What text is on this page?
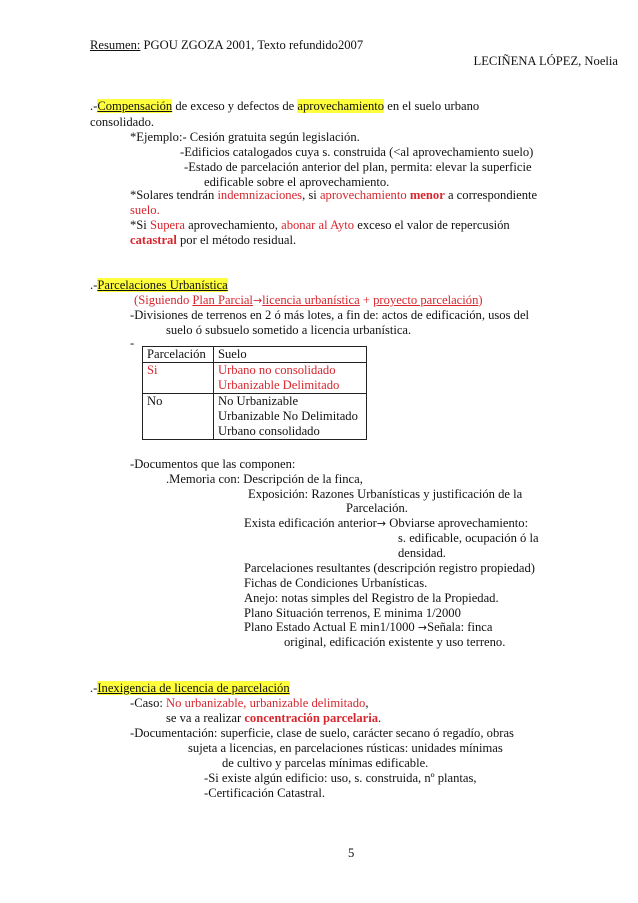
Resumen: PGOU ZGOZA 2001, Texto refundido2007
LECIÑENA LÓPEZ, Noelia
.-Compensación de exceso y defectos de aprovechamiento en el suelo urbano
consolidado.
*Ejemplo:- Cesión gratuita según legislación.
-Edificios catalogados cuya s. construida (<al aprovechamiento suelo)
-Estado de parcelación anterior del plan, permita: elevar la superficie
edificable sobre el aprovechamiento.
*Solares tendrán indemnizaciones, si aprovechamiento menor a correspondiente
suelo.
*Si Supera aprovechamiento, abonar al Ayto exceso el valor de repercusión
catastral por el método residual.
.-Parcelaciones Urbanística
(Siguiendo Plan Parcial→licencia urbanística + proyecto parcelación)
-Divisiones de terrenos en 2 ó más lotes, a fin de: actos de edificación, usos del
suelo ó subsuelo sometido a licencia urbanística.
-
Parcelación	Suelo
Si	Urbano no consolidado
Urbanizable Delimitado

No	No Urbanizable
Urbanizable No Delimitado
Urbano consolidado
-Documentos que las componen:
.Memoria con: Descripción de la finca,
Exposición: Razones Urbanísticas y justificación de la
Parcelación.
Exista edificación anterior→ Obviarse aprovechamiento:
s. edificable, ocupación ó la
densidad.
Parcelaciones resultantes (descripción registro propiedad)
Fichas de Condiciones Urbanísticas.
Anejo: notas simples del Registro de la Propiedad.
Plano Situación terrenos, E minima 1/2000
Plano Estado Actual E min1/1000 →Señala: finca
original, edificación existente y uso terreno.
.-Inexigencia de licencia de parcelación
-Caso: No urbanizable, urbanizable delimitado,
se va a realizar concentración parcelaria.
-Documentación: superficie, clase de suelo, carácter secano ó regadío, obras
sujeta a licencias, en parcelaciones rústicas: unidades mínimas
de cultivo y parcelas mínimas edificable.
-Si existe algún edificio: uso, s. construida, nº plantas,
-Certificación Catastral.
5
